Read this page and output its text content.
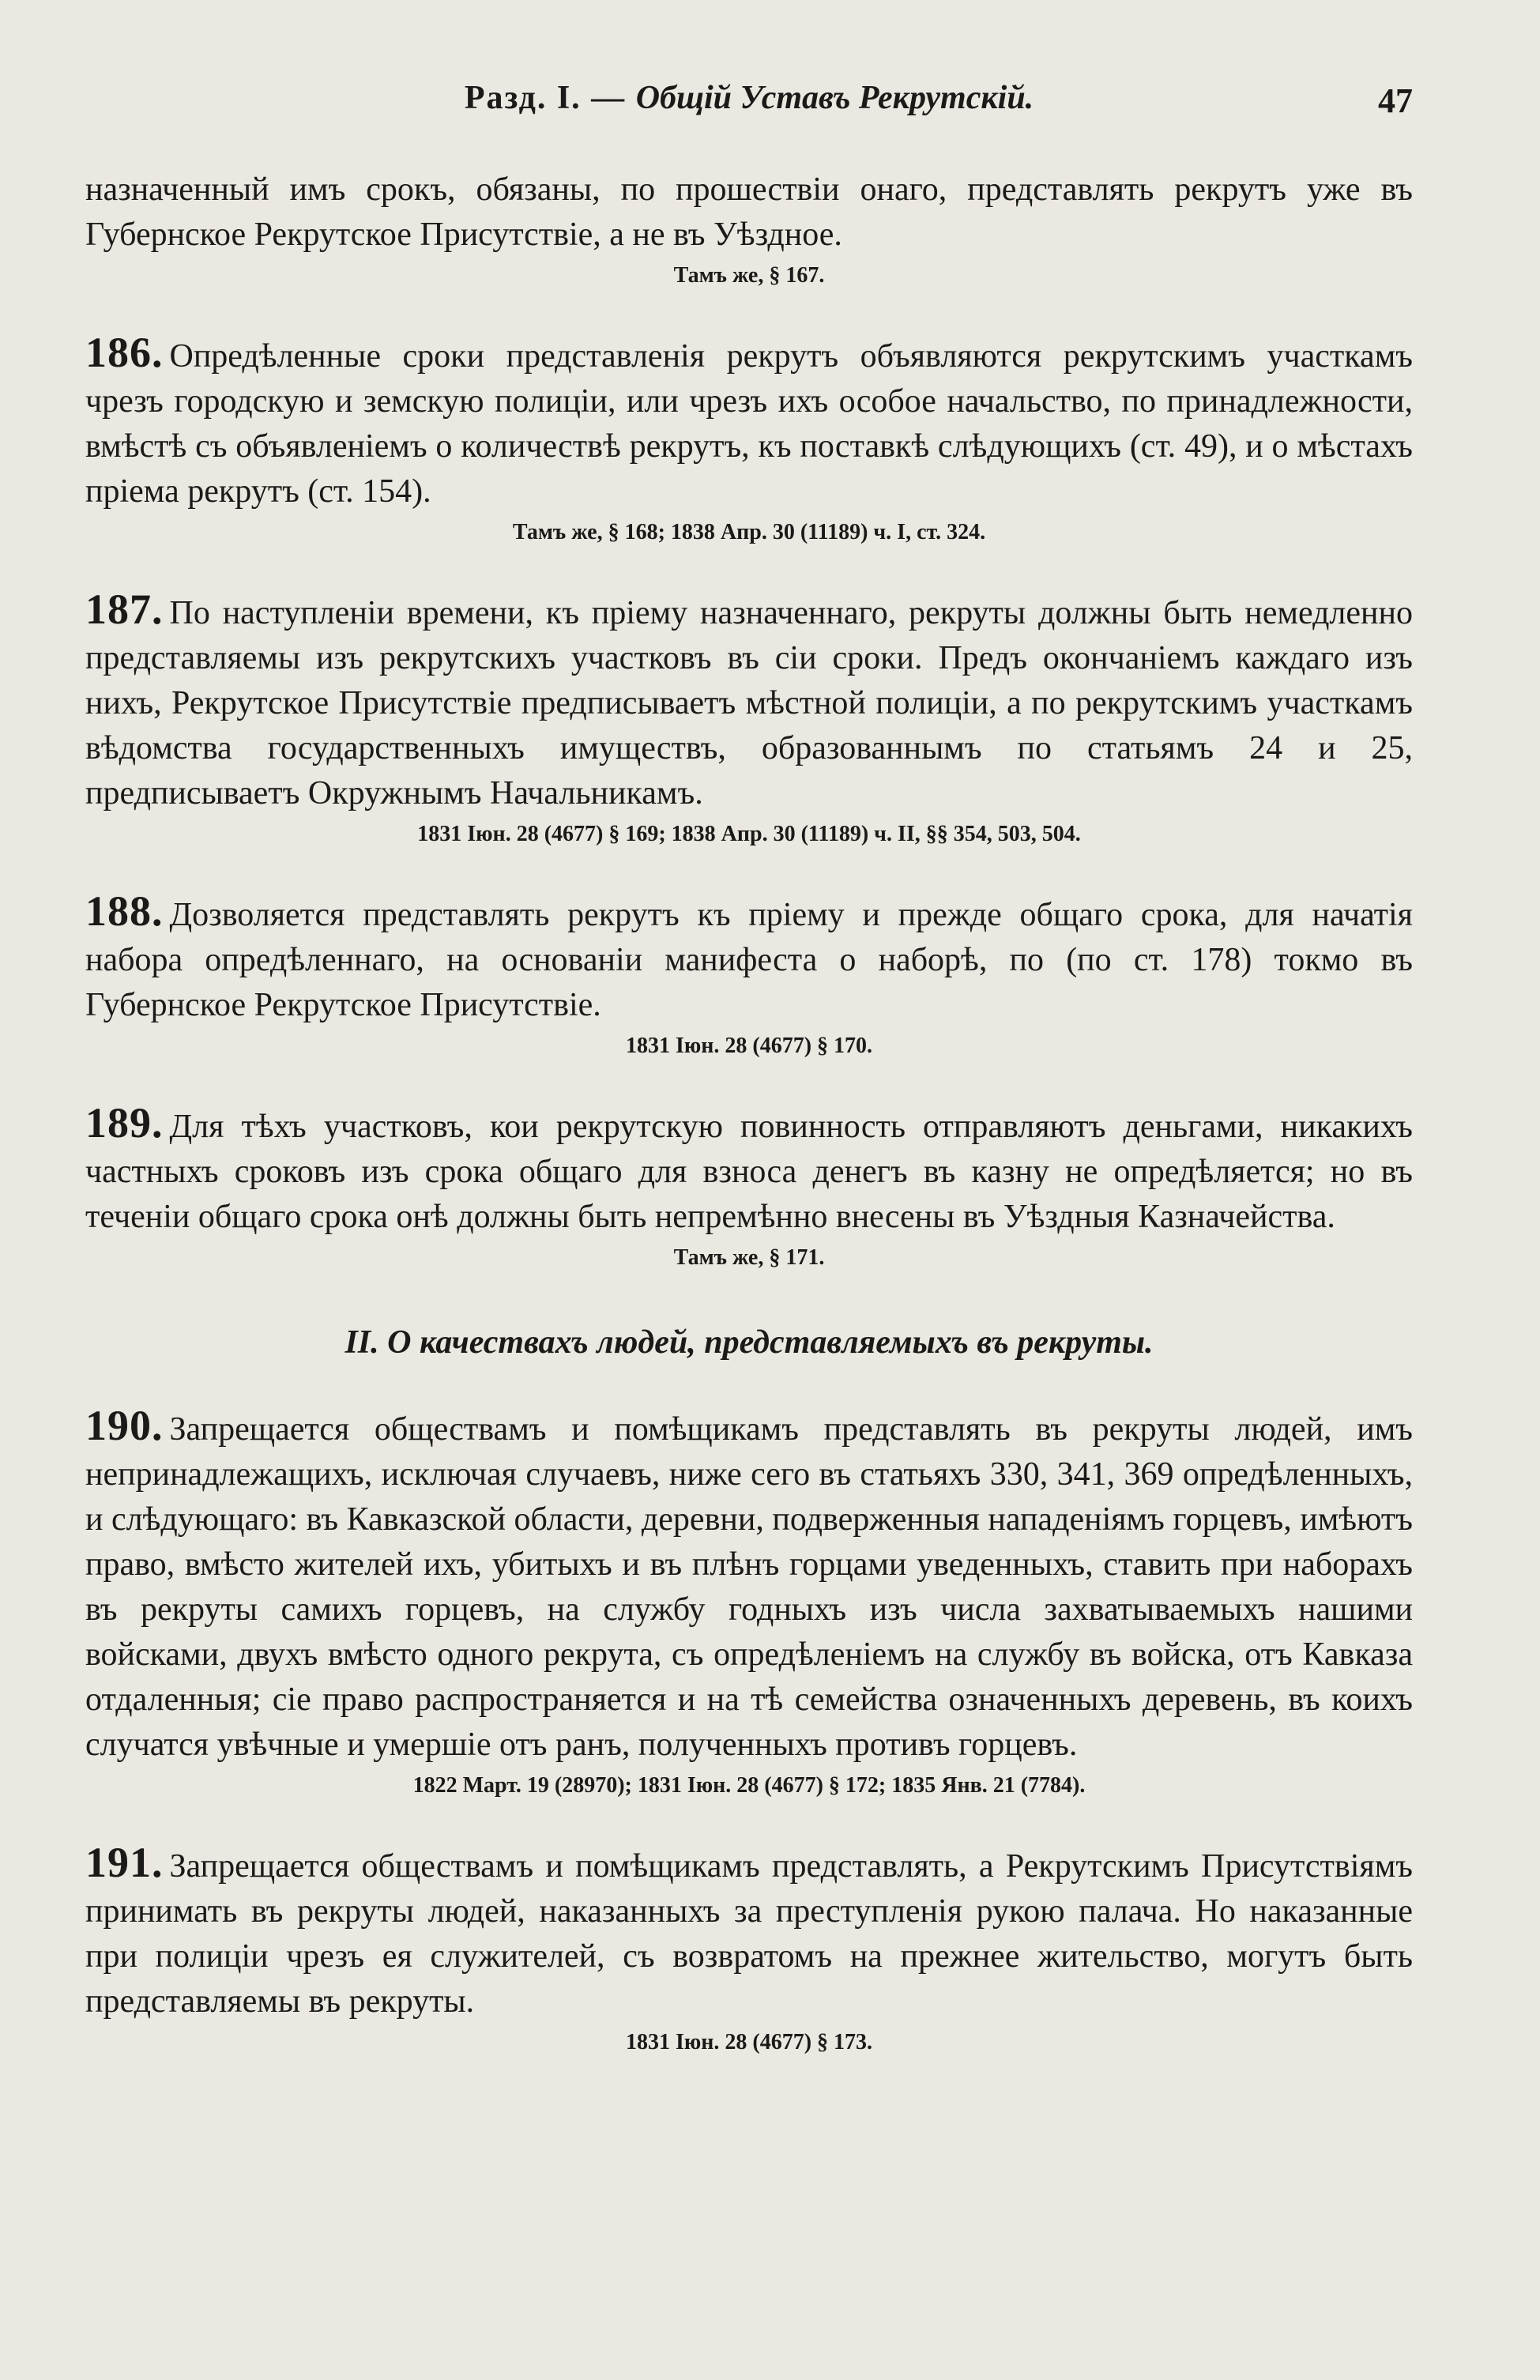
Разд. I. — Общій Уставъ Рекрутскій.	47

назначенный имъ срокъ, обязаны, по прошествіи онаго, представлять рекрутъ уже въ Губернское Рекрутское Присутствіе, а не въ Уѣздное.

Тамъ же, § 167.

186. Опредѣленные сроки представленія рекрутъ объявляются рекрутскимъ участкамъ чрезъ городскую и земскую полиціи, или чрезъ ихъ особое начальство, по принадлежности, вмѣстѣ съ объявленіемъ о количествѣ рекрутъ, къ поставкѣ слѣдующихъ (ст. 49), и о мѣстахъ пріема рекрутъ (ст. 154).

Тамъ же, § 168; 1838 Апр. 30 (11189) ч. I, ст. 324.

187. По наступленіи времени, къ пріему назначеннаго, рекруты должны быть немедленно представляемы изъ рекрутскихъ участковъ въ сіи сроки. Предъ окончаніемъ каждаго изъ нихъ, Рекрутское Присутствіе предписываетъ мѣстной полиціи, а по рекрутскимъ участкамъ вѣдомства государственныхъ имуществъ, образованнымъ по статьямъ 24 и 25, предписываетъ Окружнымъ Начальникамъ.

1831 Іюн. 28 (4677) § 169; 1838 Апр. 30 (11189) ч. II, §§ 354, 503, 504.

188. Дозволяется представлять рекрутъ къ пріему и прежде общаго срока, для начатія набора опредѣленнаго, на основаніи манифеста о наборѣ, по (по ст. 178) токмо въ Губернское Рекрутское Присутствіе.

1831 Іюн. 28 (4677) § 170.

189. Для тѣхъ участковъ, кои рекрутскую повинность отправляютъ деньгами, никакихъ частныхъ сроковъ изъ срока общаго для взноса денегъ въ казну не опредѣляется; но въ теченіи общаго срока онѣ должны быть непремѣнно внесены въ Уѣздныя Казначейства.

Тамъ же, § 171.

II. О качествахъ людей, представляемыхъ въ рекруты.

190. Запрещается обществамъ и помѣщикамъ представлять въ рекруты людей, имъ непринадлежащихъ, исключая случаевъ, ниже сего въ статьяхъ 330, 341, 369 опредѣленныхъ, и слѣдующаго: въ Кавказской области, деревни, подверженныя нападеніямъ горцевъ, имѣютъ право, вмѣсто жителей ихъ, убитыхъ и въ плѣнъ горцами уведенныхъ, ставить при наборахъ въ рекруты самихъ горцевъ, на службу годныхъ изъ числа захватываемыхъ нашими войсками, двухъ вмѣсто одного рекрута, съ опредѣленіемъ на службу въ войска, отъ Кавказа отдаленныя; сіе право распространяется и на тѣ семейства означенныхъ деревень, въ коихъ случатся увѣчные и умершіе отъ ранъ, полученныхъ противъ горцевъ.

1822 Март. 19 (28970); 1831 Іюн. 28 (4677) § 172; 1835 Янв. 21 (7784).

191. Запрещается обществамъ и помѣщикамъ представлять, а Рекрутскимъ Присутствіямъ принимать въ рекруты людей, наказанныхъ за преступленія рукою палача. Но наказанные при полиціи чрезъ ея служителей, съ возвратомъ на прежнее жительство, могутъ быть представляемы въ рекруты.

1831 Іюн. 28 (4677) § 173.
